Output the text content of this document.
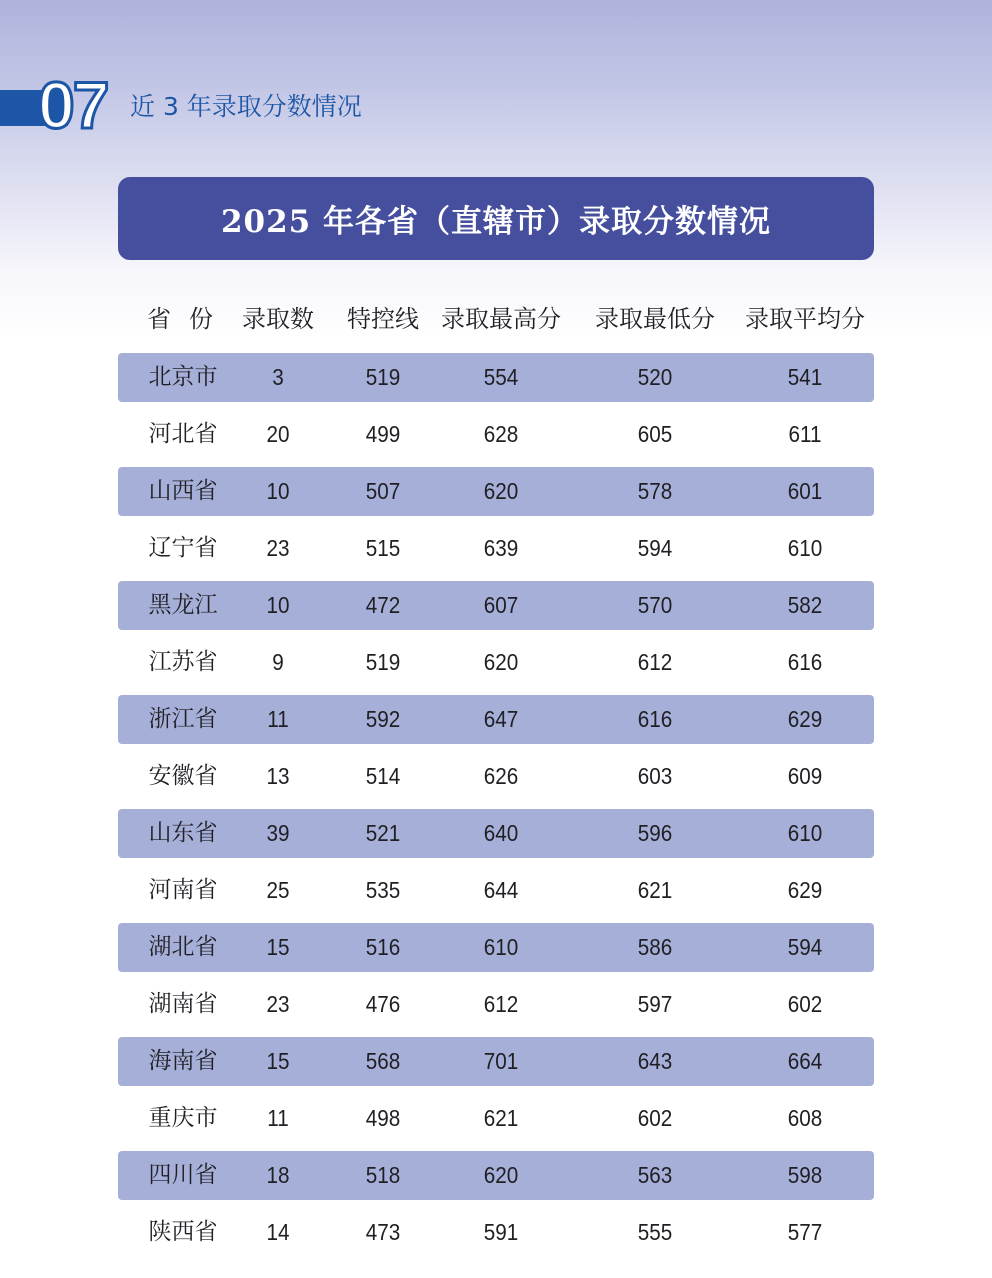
07 近 3 年录取分数情况
2025 年各省（直辖市）录取分数情况
省份 录取数	特控线 录取最高分 录取最低分 录取平均分
北京市	3	519	554	520	541
河北省	20	499	628	605	611
山西省	10	507	620	578	601
辽宁省	23	515	639	594	610
黑龙江	10	472	607	570	582
江苏省	9	519	620	612	616
浙江省	11	592	647	616	629
安徽省	13	514	626	603	609
山东省	39	521	640	596	610
河南省	25	535	644	621	629
湖北省	15	516	610	586	594
湖南省	23	476	612	597	602
海南省	15	568	701	643	664
重庆市	11	498	621	602	608
四川省	18	518	620	563	598
陕西省	14	473	591	555	577
